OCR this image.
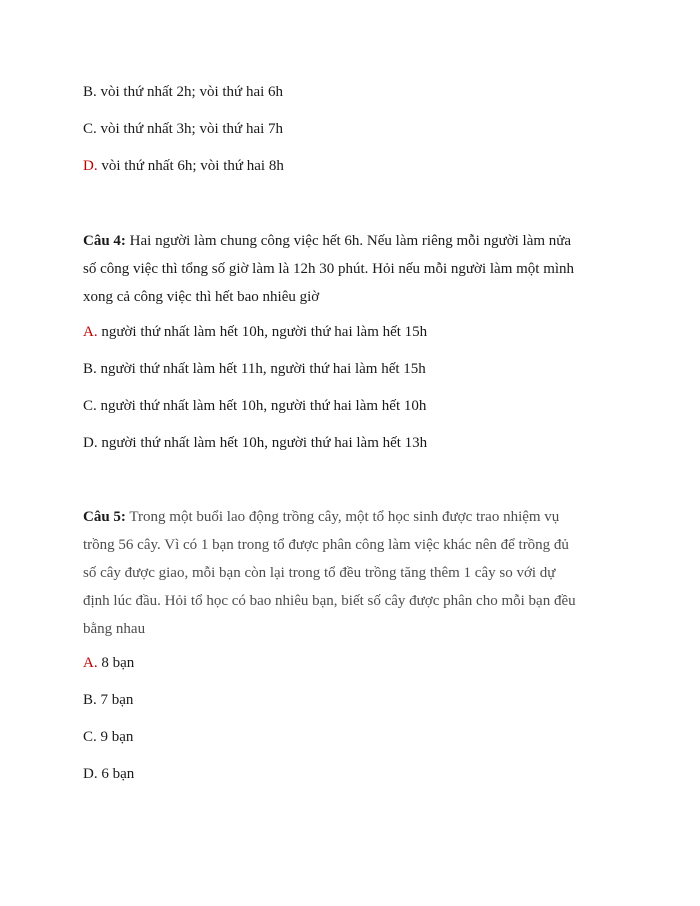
B. vòi thứ nhất 2h; vòi thứ hai 6h
C. vòi thứ nhất 3h; vòi thứ hai 7h
D. vòi thứ nhất 6h; vòi thứ hai 8h
Câu 4: Hai người làm chung công việc hết 6h. Nếu làm riêng mỗi người làm nửa
số công việc thì tổng số giờ làm là 12h 30 phút. Hỏi nếu mỗi người làm một mình
xong cả công việc thì hết bao nhiêu giờ
A. người thứ nhất làm hết 10h, người thứ hai làm hết 15h
B. người thứ nhất làm hết 11h, người thứ hai làm hết 15h
C. người thứ nhất làm hết 10h, người thứ hai làm hết 10h
D. người thứ nhất làm hết 10h, người thứ hai làm hết 13h
Câu 5: Trong một buổi lao động trồng cây, một tổ học sinh được trao nhiệm vụ
trồng 56 cây. Vì có 1 bạn trong tổ được phân công làm việc khác nên để trồng đủ
số cây được giao, mỗi bạn còn lại trong tổ đều trồng tăng thêm 1 cây so với dự
định lúc đầu. Hỏi tổ học có bao nhiêu bạn, biết số cây được phân cho mỗi bạn đều
bằng nhau
A. 8 bạn
B. 7 bạn
C. 9 bạn
D. 6 bạn
